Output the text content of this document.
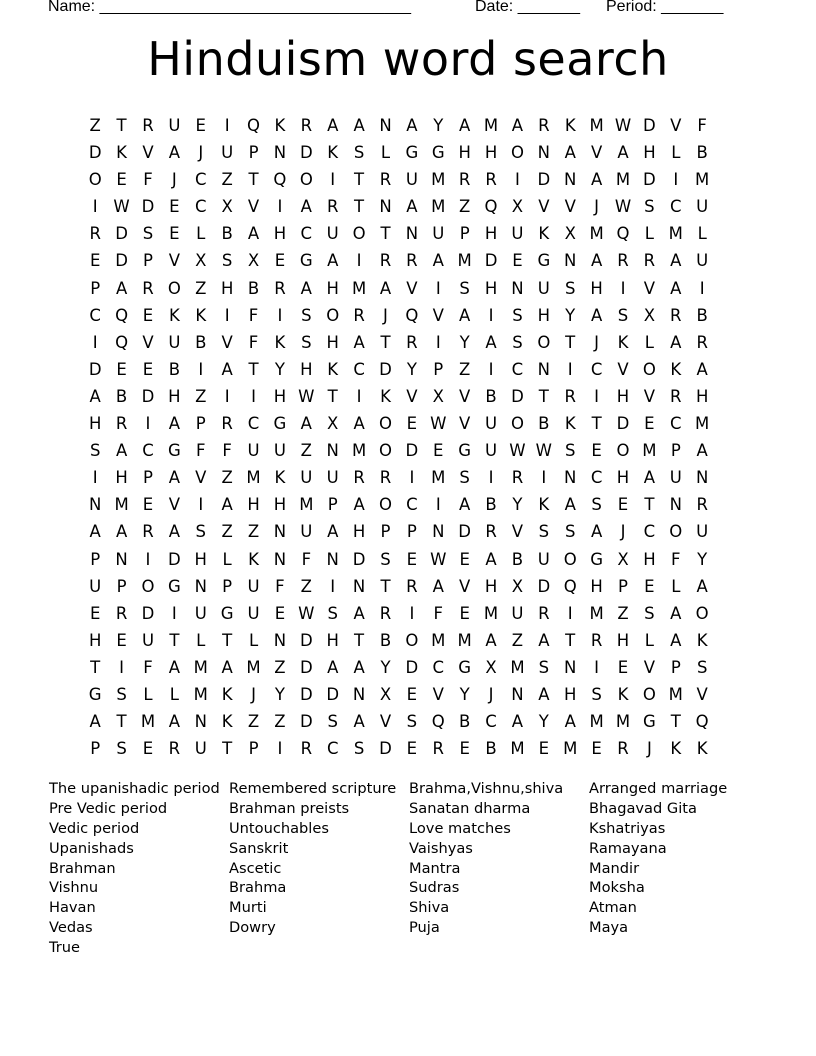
Name: ___________________________________	Date: _______ Period: _______
Hinduism word search
Z T R U E	I	Q K R A A N A Y A M A R K M W D V F
D K V A	J	U P N D K S	L G G H H O N A V A H L B
O E F	J	C Z T Q O	I	T R U M R R	I	D N A M D	I	M
I W D E C X V	I	A R T N A M Z Q X V V	J W S C U
R D S E	L B A H C U O T N U P H U K X M Q L M L
E D P V X S X E G A	I	R R A M D E G N A R R A U
P A R O Z H B R A H M A V	I	S H N U S H	I	V A	I
C Q E K K	I	F	I	S O R	J	Q V A	I	S H Y A S X R B
I	Q V U B V F K S H A T R	I	Y A S O T	J	K L A R
D E E B	I	A T Y H K C D Y P Z	I	C N	I	C V O K A
A B D H Z	I	I	H W T	I	K V X V B D T R	I	H V R H
H R	I	A P R C G A X A O E W V U O B K T D E C M
S A C G F	F U U Z N M O D E G U W W S E O M P A
I	H P A V Z M K U U R R	I	M S	I	R	I	N C H A U N
N M E V	I	A H H M P A O C	I	A B Y K A S E T N R
A A R A S Z Z N U A H P P N D R V S S A	J	C O U
P N	I	D H L K N F N D S E W E A B U O G X H F	Y
U P O G N P U F Z	I	N T R A V H X D Q H P E	L A
E R D	I	U G U E W S A R	I	F E M U R	I	M Z S A O
H E U T	L	T	L N D H T B O M M A Z A T R H L A K
T	I	F A M A M Z D A A Y D C G X M S N	I	E V P S
G S	L	L M K	J	Y D D N X E V Y	J	N A H S K O M V
A T M A N K Z Z D S A V S Q B C A Y A M M G T Q
P S E R U T P	I	R C S D E R E B M E M E R	J	K K
The upanishadic period
Pre Vedic period
Vedic period
Upanishads
Brahman
Vishnu
Havan
Vedas
True
Remembered scripture
Brahman preists
Untouchables
Sanskrit
Ascetic
Brahma
Murti
Dowry
Brahma,Vishnu,shiva
Sanatan dharma
Love matches
Vaishyas
Mantra
Sudras
Shiva
Puja
Arranged marriage
Bhagavad Gita
Kshatriyas
Ramayana
Mandir
Moksha
Atman
Maya
